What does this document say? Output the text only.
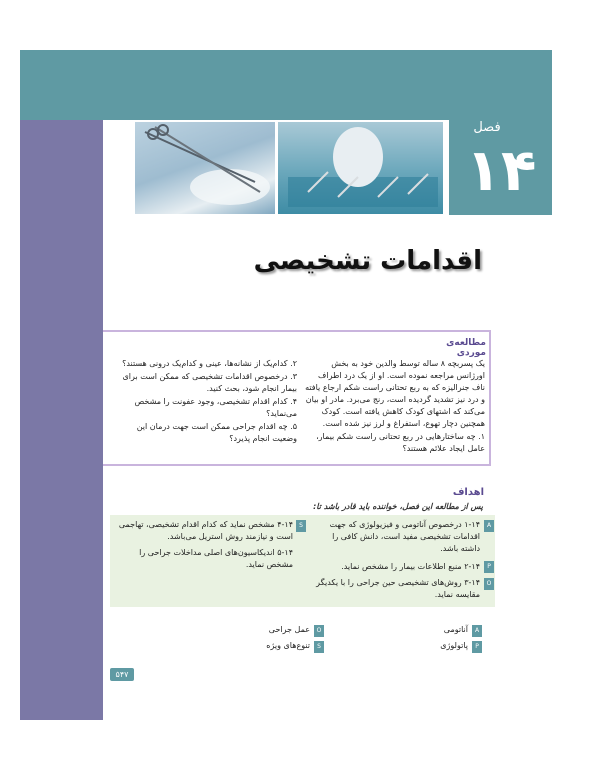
فصل
۱۴
اقدامات تشخیصی
مطالعه‌ی موردی
یک پسربچه ۸ ساله توسط والدین خود به بخش اورژانس مراجعه نموده است. او از یک درد اطراف ناف جنرالیزه که به ربع تحتانی راست شکم ارجاع یافته و درد نیز تشدید گردیده است، رنج می‌برد. مادر او بیان می‌کند که اشتهای کودک کاهش یافته است. کودک همچنین دچار تهوع، استفراغ و لرز نیز شده است.
۱. چه ساختارهایی در ربع تحتانی راست شکم بیمار، عامل ایجاد علائم هستند؟
۲. کدام‌یک از نشانه‌ها، عینی و کدام‌یک درونی هستند؟
۳. درخصوص اقدامات تشخیصی که ممکن است برای بیمار انجام شود، بحث کنید.
۴. کدام اقدام تشخیصی، وجود عفونت را مشخص می‌نماید؟
۵. چه اقدام جراحی ممکن است جهت درمان این وضعیت انجام پذیرد؟
اهداف
پس از مطالعه این فصل، خواننده باید قادر باشد تا:
A
۱-۱۴ درخصوص آناتومی و فیزیولوژی که جهت اقدامات تشخیصی مفید است، دانش کافی را داشته باشد.
P
۲-۱۴ منبع اطلاعات بیمار را مشخص نماید.
O
۳-۱۴ روش‌های تشخیصی حین جراحی را با یکدیگر مقایسه نماید.
S
۴-۱۴ مشخص نماید که کدام اقدام تشخیصی، تهاجمی است و نیازمند روش استریل می‌باشد.
۵-۱۴ اندیکاسیون‌های اصلی مداخلات جراحی را مشخص نماید.
A
آناتومی
P
پاتولوژی
O
عمل جراحی
S
تنوع‌های ویژه
۵۴۷
